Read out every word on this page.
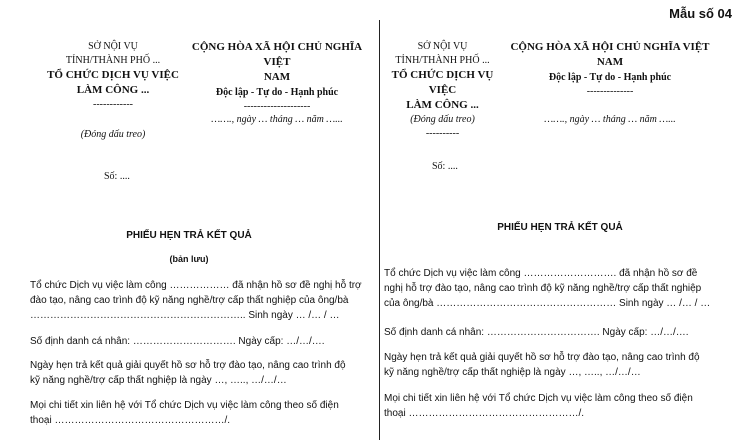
Mẫu số 04
SỞ NỘI VỤ
TỈNH/THÀNH PHỐ ...
TỔ CHỨC DỊCH VỤ VIỆC
LÀM CÔNG ...
------------
(Đóng dấu treo)
Số: ....
CỘNG HÒA XÃ HỘI CHỦ NGHĨA VIỆT
NAM
Độc lập - Tự do - Hạnh phúc
--------------------
……., ngày … tháng … năm …...
PHIẾU HẸN TRẢ KẾT QUẢ
(bản lưu)

Tổ chức Dịch vụ việc làm công ……………… đã nhận hồ sơ đề nghị hỗ trợ

đào tạo, nâng cao trình độ kỹ năng nghề/trợ cấp thất nghiệp của ông/bà

……………………………………………………….. Sinh ngày … /… / …

Số định danh cá nhân: …………………………. Ngày cấp: …/…/….

Ngày hẹn trả kết quả giải quyết hồ sơ hỗ trợ đào tạo, nâng cao trình độ

kỹ năng nghề/trợ cấp thất nghiệp là ngày …, ….., …/…/…

Mọi chi tiết xin liên hệ với Tổ chức Dịch vụ việc làm công theo số điện

thoại ……………………………………………/.

SỞ NỘI VỤ
TỈNH/THÀNH PHỐ ...
TỔ CHỨC DỊCH VỤ VIỆC
LÀM CÔNG ...
(Đóng dấu treo)
----------
Số: ....
CỘNG HÒA XÃ HỘI CHỦ NGHĨA VIỆT
NAM
Độc lập - Tự do - Hạnh phúc
--------------
……., ngày … tháng … năm …...
PHIẾU HẸN TRẢ KẾT QUẢ

Tổ chức Dịch vụ việc làm công ………………………. đã nhận hồ sơ đề

nghị hỗ trợ đào tạo, nâng cao trình độ kỹ năng nghề/trợ cấp thất nghiệp

của ông/bà ……………………………………………… Sinh ngày … /… / …

Số định danh cá nhân: ……………………………. Ngày cấp: …/…/….

Ngày hẹn trả kết quả giải quyết hồ sơ hỗ trợ đào tạo, nâng cao trình độ

kỹ năng nghề/trợ cấp thất nghiệp là ngày …, ….., …/…/…

Mọi chi tiết xin liên hệ với Tổ chức Dịch vụ việc làm công theo số điện

thoại ……………………………………………/.
